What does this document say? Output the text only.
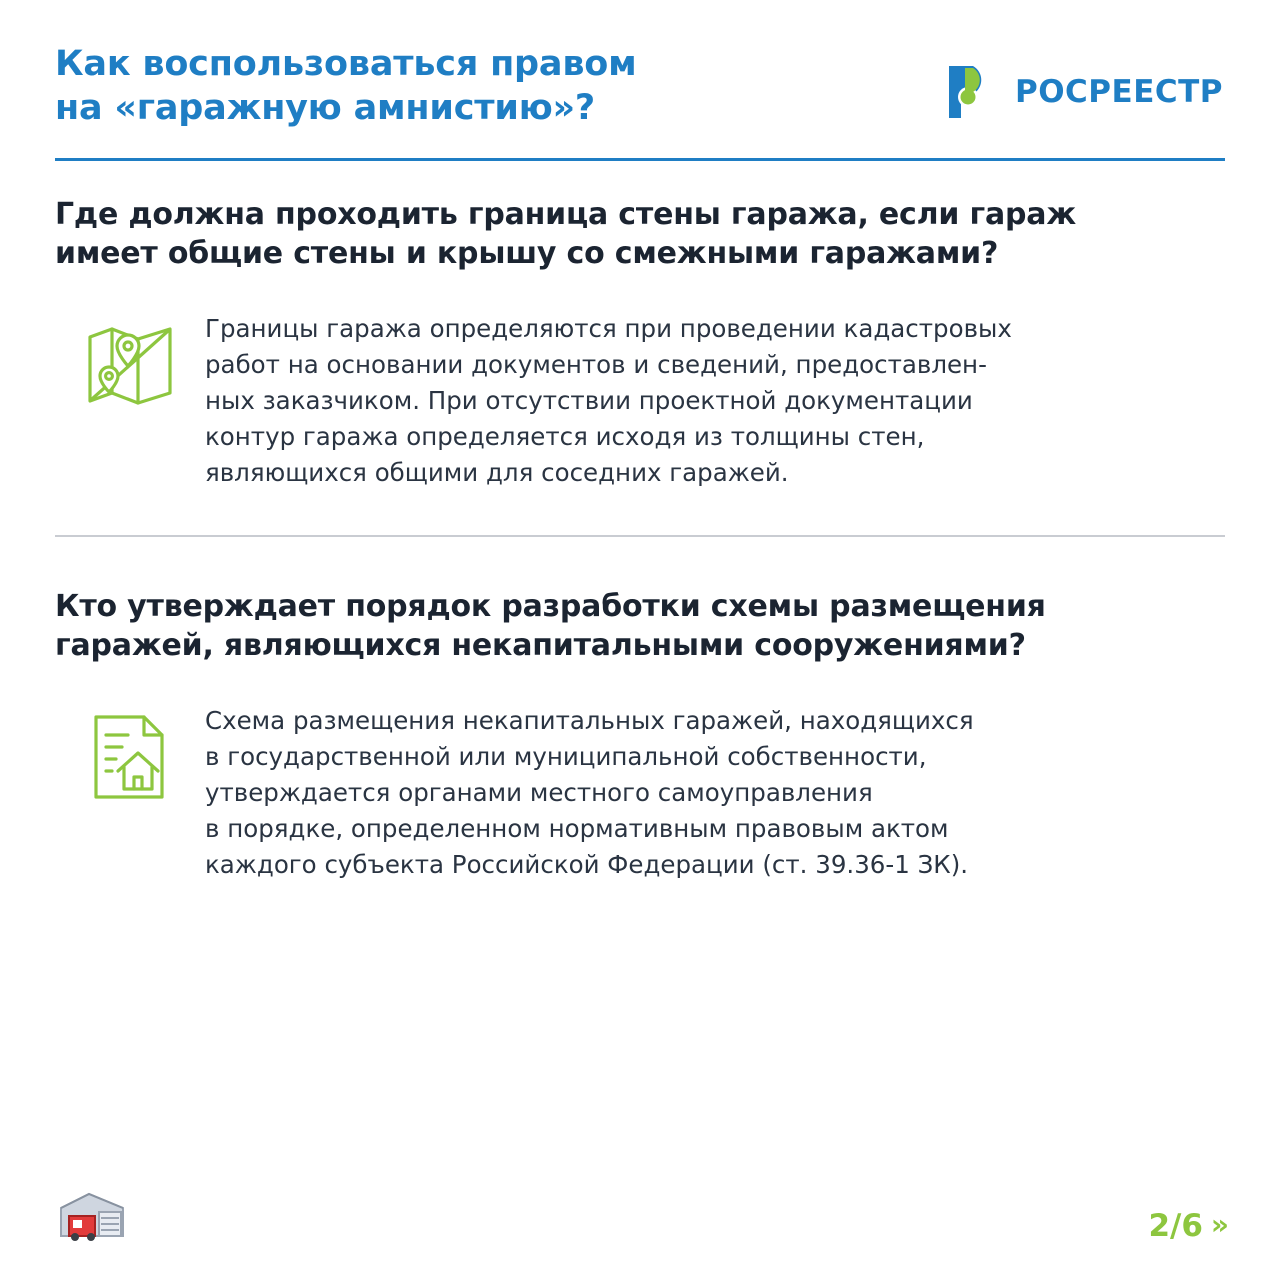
Как воспользоваться правом
на «гаражную амнистию»?	РОСРЕЕСТР
Где должна проходить граница стены гаража, если гараж имеет общие стены и крышу со смежными гаражами?
Границы гаража определяются при проведении кадастровых
работ на основании документов и сведений, предоставлен-
ных заказчиком. При отсутствии проектной документации
контур гаража определяется исходя из толщины стен,
являющихся общими для соседних гаражей.
Кто утверждает порядок разработки схемы размещения гаражей, являющихся некапитальными сооружениями?
Схема размещения некапитальных гаражей, находящихся
в государственной или муниципальной собственности,
утверждается органами местного самоуправления
в порядке, определенном нормативным правовым актом
каждого субъекта Российской Федерации (ст. 39.36-1 ЗК).
2/6 »
